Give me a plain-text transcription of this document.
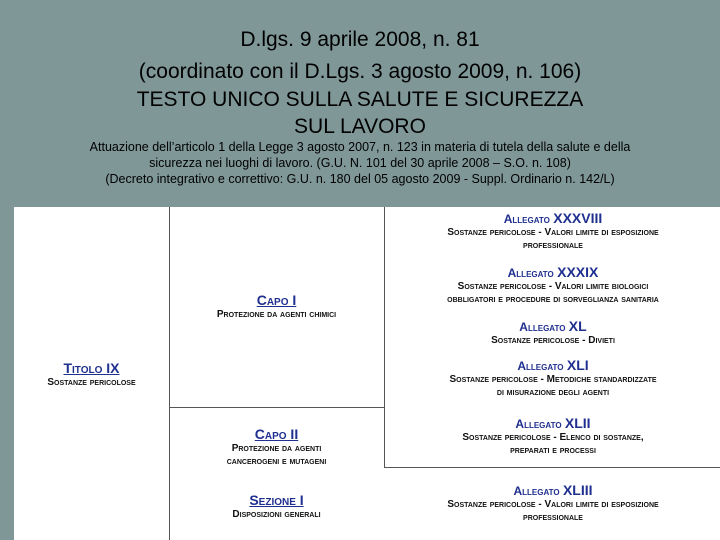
D.lgs. 9 aprile 2008, n. 81
(coordinato con il D.Lgs. 3 agosto 2009, n. 106)
TESTO UNICO SULLA SALUTE E SICUREZZA
SUL LAVORO
Attuazione dell’articolo 1 della Legge 3 agosto 2007, n. 123 in materia di tutela della salute e della
sicurezza nei luoghi di lavoro. (G.U. N. 101 del 30 aprile 2008 – S.O. n. 108)
(Decreto integrativo e correttivo: G.U. n. 180 del 05 agosto 2009 - Suppl. Ordinario n. 142/L)
Titolo IX
Sostanze pericolose
Capo I
Protezione da agenti chimici
Capo II
Protezione da agenti
cancerogeni e mutageni
Sezione I
Disposizioni generali
Allegato XXXVIII
Sostanze pericolose - Valori limite di esposizione
professionale
Allegato XXXIX
Sostanze pericolose - Valori limite biologici
obbligatori e procedure di sorveglianza sanitaria
Allegato XL
Sostanze pericolose - Divieti
Allegato XLI
Sostanze pericolose - Metodiche standardizzate
di misurazione degli agenti
Allegato XLII
Sostanze pericolose - Elenco di sostanze,
preparati e processi
Allegato XLIII
Sostanze pericolose - Valori limite di esposizione
professionale
